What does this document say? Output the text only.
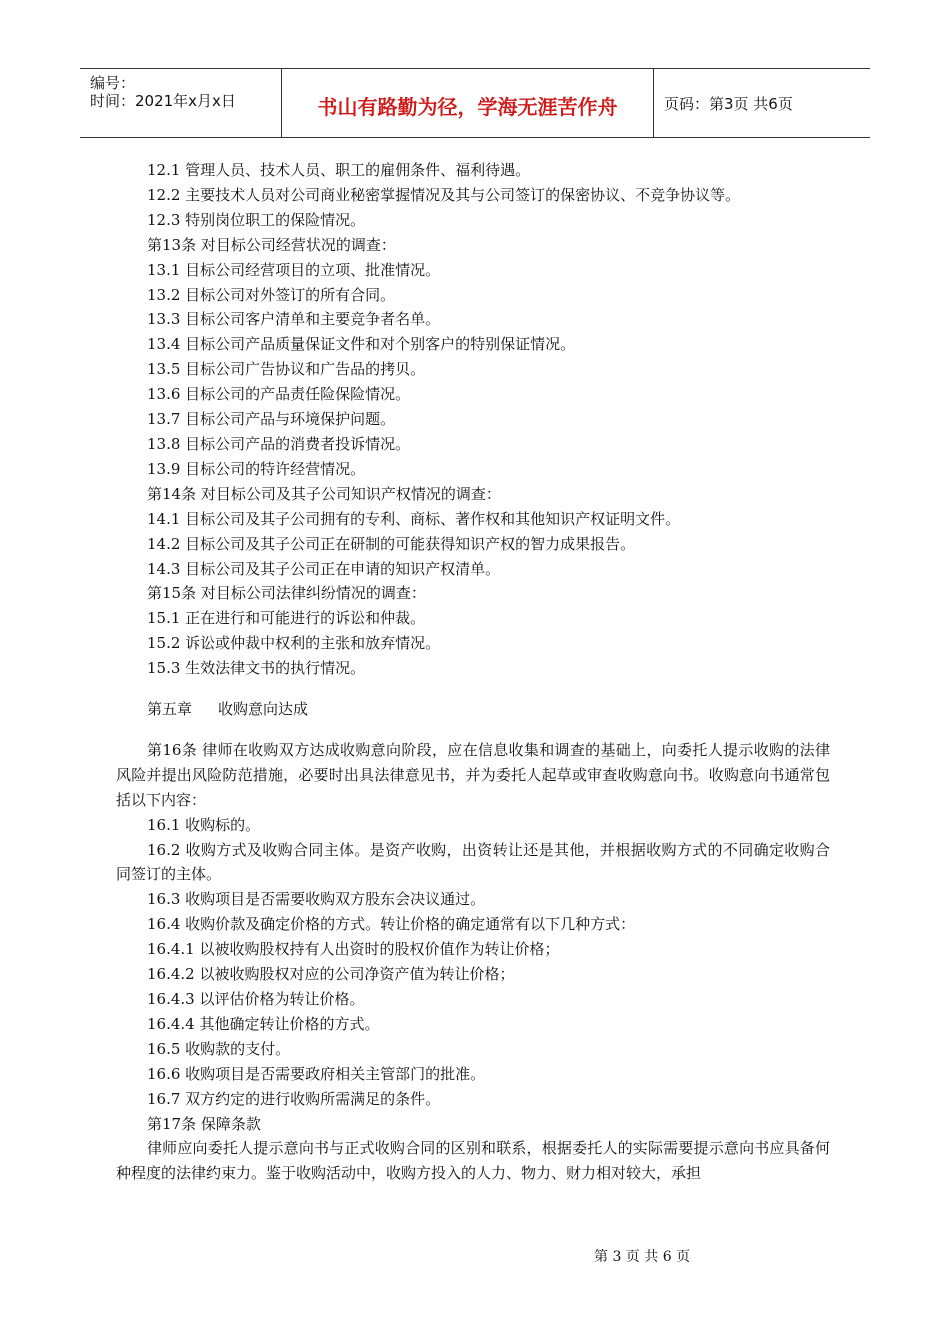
编号：
时间：2021年x月x日	书山有路勤为径，学海无涯苦作舟	页码：第3页 共6页

12.1 管理人员、技术人员、职工的雇佣条件、福利待遇。

12.2 主要技术人员对公司商业秘密掌握情况及其与公司签订的保密协议、不竞争协议等。

12.3 特别岗位职工的保险情况。

第13条 对目标公司经营状况的调查：

13.1 目标公司经营项目的立项、批准情况。

13.2 目标公司对外签订的所有合同。

13.3 目标公司客户清单和主要竞争者名单。

13.4 目标公司产品质量保证文件和对个别客户的特别保证情况。

13.5 目标公司广告协议和广告品的拷贝。

13.6 目标公司的产品责任险保险情况。

13.7 目标公司产品与环境保护问题。

13.8 目标公司产品的消费者投诉情况。

13.9 目标公司的特许经营情况。

第14条 对目标公司及其子公司知识产权情况的调查：

14.1 目标公司及其子公司拥有的专利、商标、著作权和其他知识产权证明文件。

14.2 目标公司及其子公司正在研制的可能获得知识产权的智力成果报告。

14.3 目标公司及其子公司正在申请的知识产权清单。

第15条 对目标公司法律纠纷情况的调查：

15.1 正在进行和可能进行的诉讼和仲裁。

15.2 诉讼或仲裁中权利的主张和放弃情况。

15.3 生效法律文书的执行情况。

第五章 收购意向达成

第16条 律师在收购双方达成收购意向阶段，应在信息收集和调查的基础上，向委托人提示收购的法律风险并提出风险防范措施，必要时出具法律意见书，并为委托人起草或审查收购意向书。收购意向书通常包括以下内容：

16.1 收购标的。

16.2 收购方式及收购合同主体。是资产收购，出资转让还是其他，并根据收购方式的不同确定收购合同签订的主体。

16.3 收购项目是否需要收购双方股东会决议通过。

16.4 收购价款及确定价格的方式。转让价格的确定通常有以下几种方式：

16.4.1 以被收购股权持有人出资时的股权价值作为转让价格；

16.4.2 以被收购股权对应的公司净资产值为转让价格；

16.4.3 以评估价格为转让价格。

16.4.4 其他确定转让价格的方式。

16.5 收购款的支付。

16.6 收购项目是否需要政府相关主管部门的批准。

16.7 双方约定的进行收购所需满足的条件。

第17条 保障条款

律师应向委托人提示意向书与正式收购合同的区别和联系，根据委托人的实际需要提示意向书应具备何种程度的法律约束力。鉴于收购活动中，收购方投入的人力、物力、财力相对较大，承担

第 3 页 共 6 页
